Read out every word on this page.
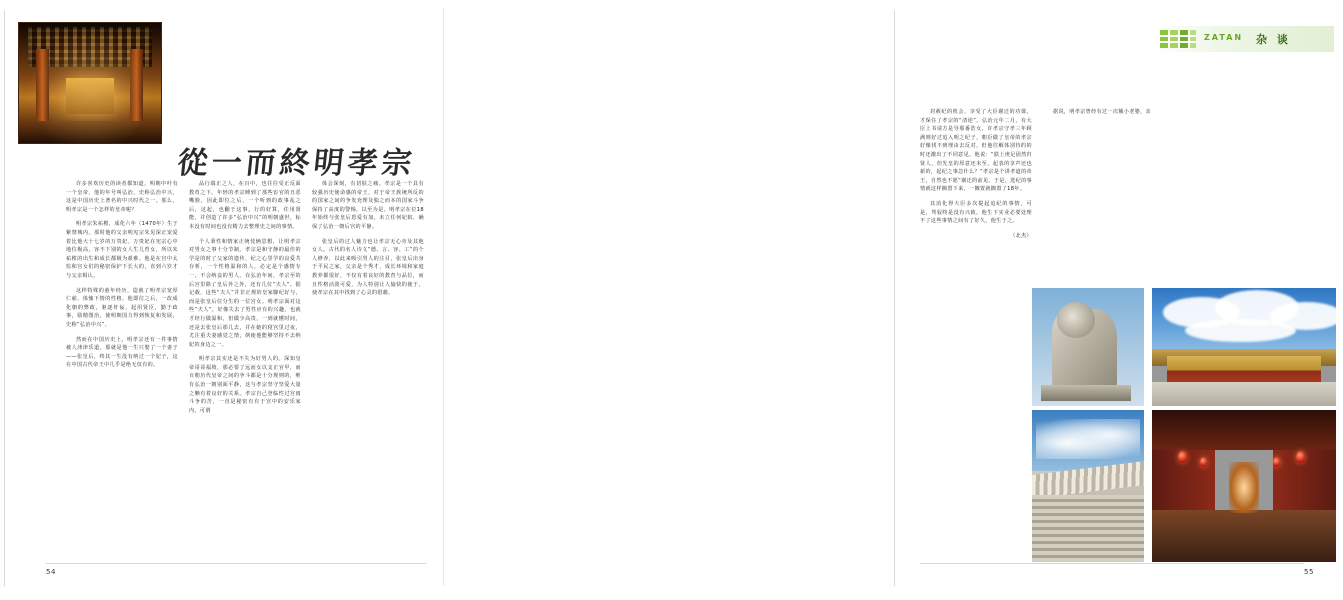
從一而終明孝宗

许多喜欢历史的读者都知道，明朝中叶有一个皇帝，他的年号叫弘治，史称弘治中兴，这是中国历史上著名的中兴时代之一。那么，明孝宗是一个怎样的皇帝呢？

明孝宗朱祐樘，成化六年（1470年）生于紫禁城内，那时他的父亲明宪宗朱见深正宠爱着比他大十七岁的万贵妃。万贵妃在宪宗心中地位极高，容不下别的女人生儿育女，所以朱祐樘的出生和成长都极为艰难。他是在宫中太监和宫女们的秘密保护下长大的，直到六岁才与父亲相认。

这样特殊的童年经历，造就了明孝宗宽厚仁慈、体恤下情的性格。他即位之后，一改成化朝的弊政，驱逐奸佞，起用贤臣，勤于政事，励精图治，使明朝国力得到恢复和发展，史称“弘治中兴”。

然而在中国历史上，明孝宗还有一件事情被人津津乐道，那就是他一生只娶了一个妻子——张皇后，终其一生没有纳过一个妃子，这在中国古代帝王中几乎是绝无仅有的。

品行端正之人，在百中，也往往受正反面教育之下。年轻的孝宗睡到了那些宦官的丑恶嘴脸，因此即位之后，一个听到的政事乱之后，这起，也翻于这事，行的好算，任用贤能，并创造了许多“弘治中兴”的明朝盛世，标本没有时间也没有精力去整理史之间的事情。

个人秉性和情家正统伎俩思想，让明孝宗对男女之事十分节制。孝宗是和守静的最佳的学是的时了父家的遗传，纪之心里学的良爱共存析，一个性格温和的人，必定是个感情专一、不会纳妾的男人。在弘治年间，孝宗至的后宫里除了皇后外之外，还有几位“夫人”。据记载，这些“夫人”并非正规的皇家脚纪好与，而是张皇后位分生的一位宫女。明孝宗面对这些“夫人”，好像失去了男性应有的兴趣，也就才经行做温和，但做少高贵，一到就懂时间，还是去张皇后那儿去，并在她的寝宫里过夜，尤注重夫妻感觉之情，倒使他能够坚持不去纳妃的身边之一。

明孝宗其实还是不失为好男人的。深知皇帝哥哥福坡，那必要了远而女以支正官甲，而百朝历代皇帝之间的争斗都是十分规则的，唯有弘治一朝别面平静，这与孝宗坚守坚爱大量之懒有着良好的关系。孝宗自己登临性过宫雨斗争的苦，一直是秘密有有于宫中的安乐家内，可谓

体会深刻，有切肤之痛。孝宗是一个具有较强历史使命感的帝王，对于帝王族统所反的的国家之间的争发充理及独之而本的国家斗争保持了高度的警惕，以至为是。明孝宗在位18年始终与张皇后恩爱有加，未立任何妃嫔，确保了弘治一朝后宫的平静。

张皇后的过人魅力也让孝宗无心旁及其他女人。古代的名人诗文“德、言、容、工”的个人修养，以此来吸引男人的注目，张皇后出身于平民之家，父亲是个秀才，成长环境和家庭教养都很好，不仅有着良好的教育与品位，而且性格活泼可爱，为人特别让人愉快的使于，使孝宗在其中找到了心灵的慰藉。

54
ZATAN 杂 谈

封赦纪的机会，享受了大臣谢迁的功课，才保住了孝宗的“清逆”。弘治元年二月，有大臣上书请方是导那番浩女，许孝宗守孝三年顾满则好过追入明之纪子，朝臣做了皇帝的孝宗好像找不到理由去反对，但他往解体别待的的时还激出了不同意见。他说：“朕上虔足固然归贤人，但先皇的厚意还未至，起表的享声还也新的，起纪之事急什么？”孝宗是个讲孝道的帝王，自然也不愿“谢迁的前见，于是，选纪的事情就这样搁置下来，一搁置就搁置了18年。

其消化得大臣多次提起追纪的事情，可是，驾驭终是没有兴致。他生下实业必要处理不了这些事情之间有了好久，他生于之。

（北杰）

据说，明孝宗曾经有过一次额小老婆，亲

55
